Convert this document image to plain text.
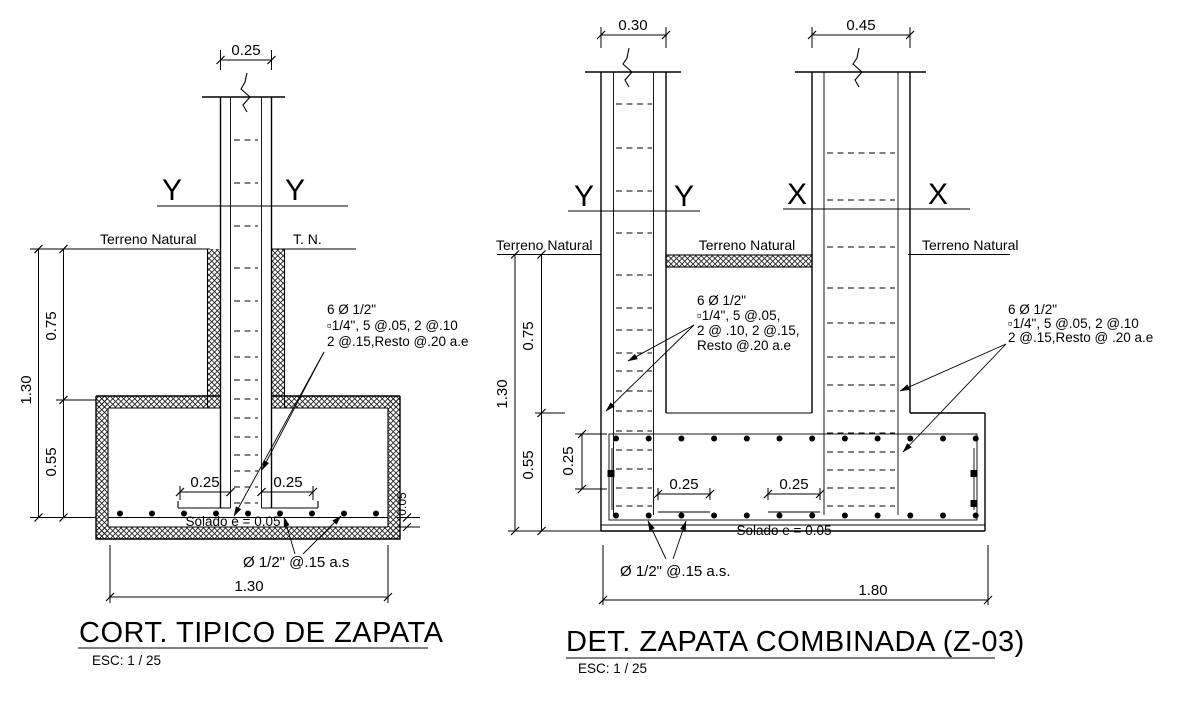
0.25
Y	Y
Terreno Natural	T. N.
6 Ø 1/2"
▫1/4", 5 @.05, 2 @.10
2 @.15,Resto @.20 a.e
0.25	0.25
Solado e = 0.05
0.05
Ø 1/2" @.15 a.s
1.30
1.30
0.75
0.55
CORT. TIPICO DE ZAPATA
ESC: 1 / 25
0.30	0.45
Y	Y	X	X
Terreno Natural	Terreno Natural	Terreno Natural
6 Ø 1/2"
▫1/4", 5 @.05,
2 @ .10, 2 @.15,
Resto @.20 a.e
6 Ø 1/2"
▫1/4", 5 @.05, 2 @.10
2 @.15,Resto @ .20 a.e
1.30
0.75
0.55 0.25
0.25	0.25
Solado e = 0.05
Ø 1/2" @.15 a.s.
1.80
DET. ZAPATA COMBINADA (Z-03)
ESC: 1 / 25
